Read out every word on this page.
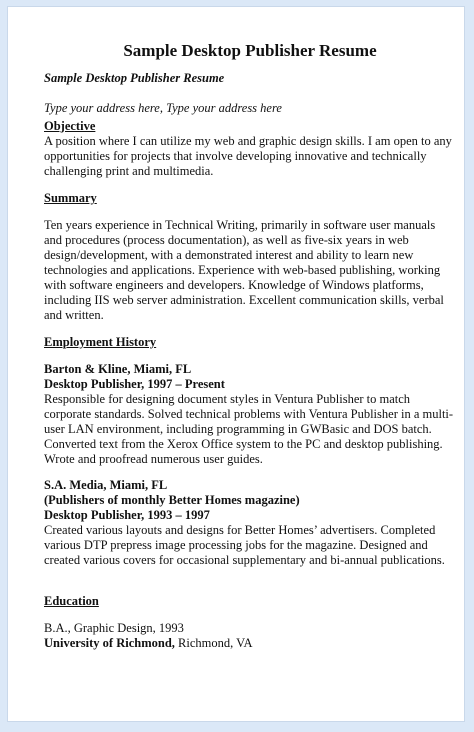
Sample Desktop Publisher Resume

Sample Desktop Publisher Resume

Type your address here, Type your address here

Objective

A position where I can utilize my web and graphic design skills. I am open to any opportunities for projects that involve developing innovative and technically challenging print and multimedia.

Summary

Ten years experience in Technical Writing, primarily in software user manuals and procedures (process documentation), as well as five-six years in web design/development, with a demonstrated interest and ability to learn new technologies and applications. Experience with web-based publishing, working with software engineers and developers. Knowledge of Windows platforms, including IIS web server administration. Excellent communication skills, verbal and written.

Employment History

Barton & Kline, Miami, FL

Desktop Publisher, 1997 – Present

Responsible for designing document styles in Ventura Publisher to match corporate standards. Solved technical problems with Ventura Publisher in a multi-user LAN environment, including programming in GWBasic and DOS batch. Converted text from the Xerox Office system to the PC and desktop publishing. Wrote and proofread numerous user guides.

S.A. Media, Miami, FL

(Publishers of monthly Better Homes magazine)

Desktop Publisher, 1993 – 1997

Created various layouts and designs for Better Homes’ advertisers. Completed various DTP prepress image processing jobs for the magazine. Designed and created various covers for occasional supplementary and bi-annual publications.

Education

B.A., Graphic Design, 1993

University of Richmond, Richmond, VA
